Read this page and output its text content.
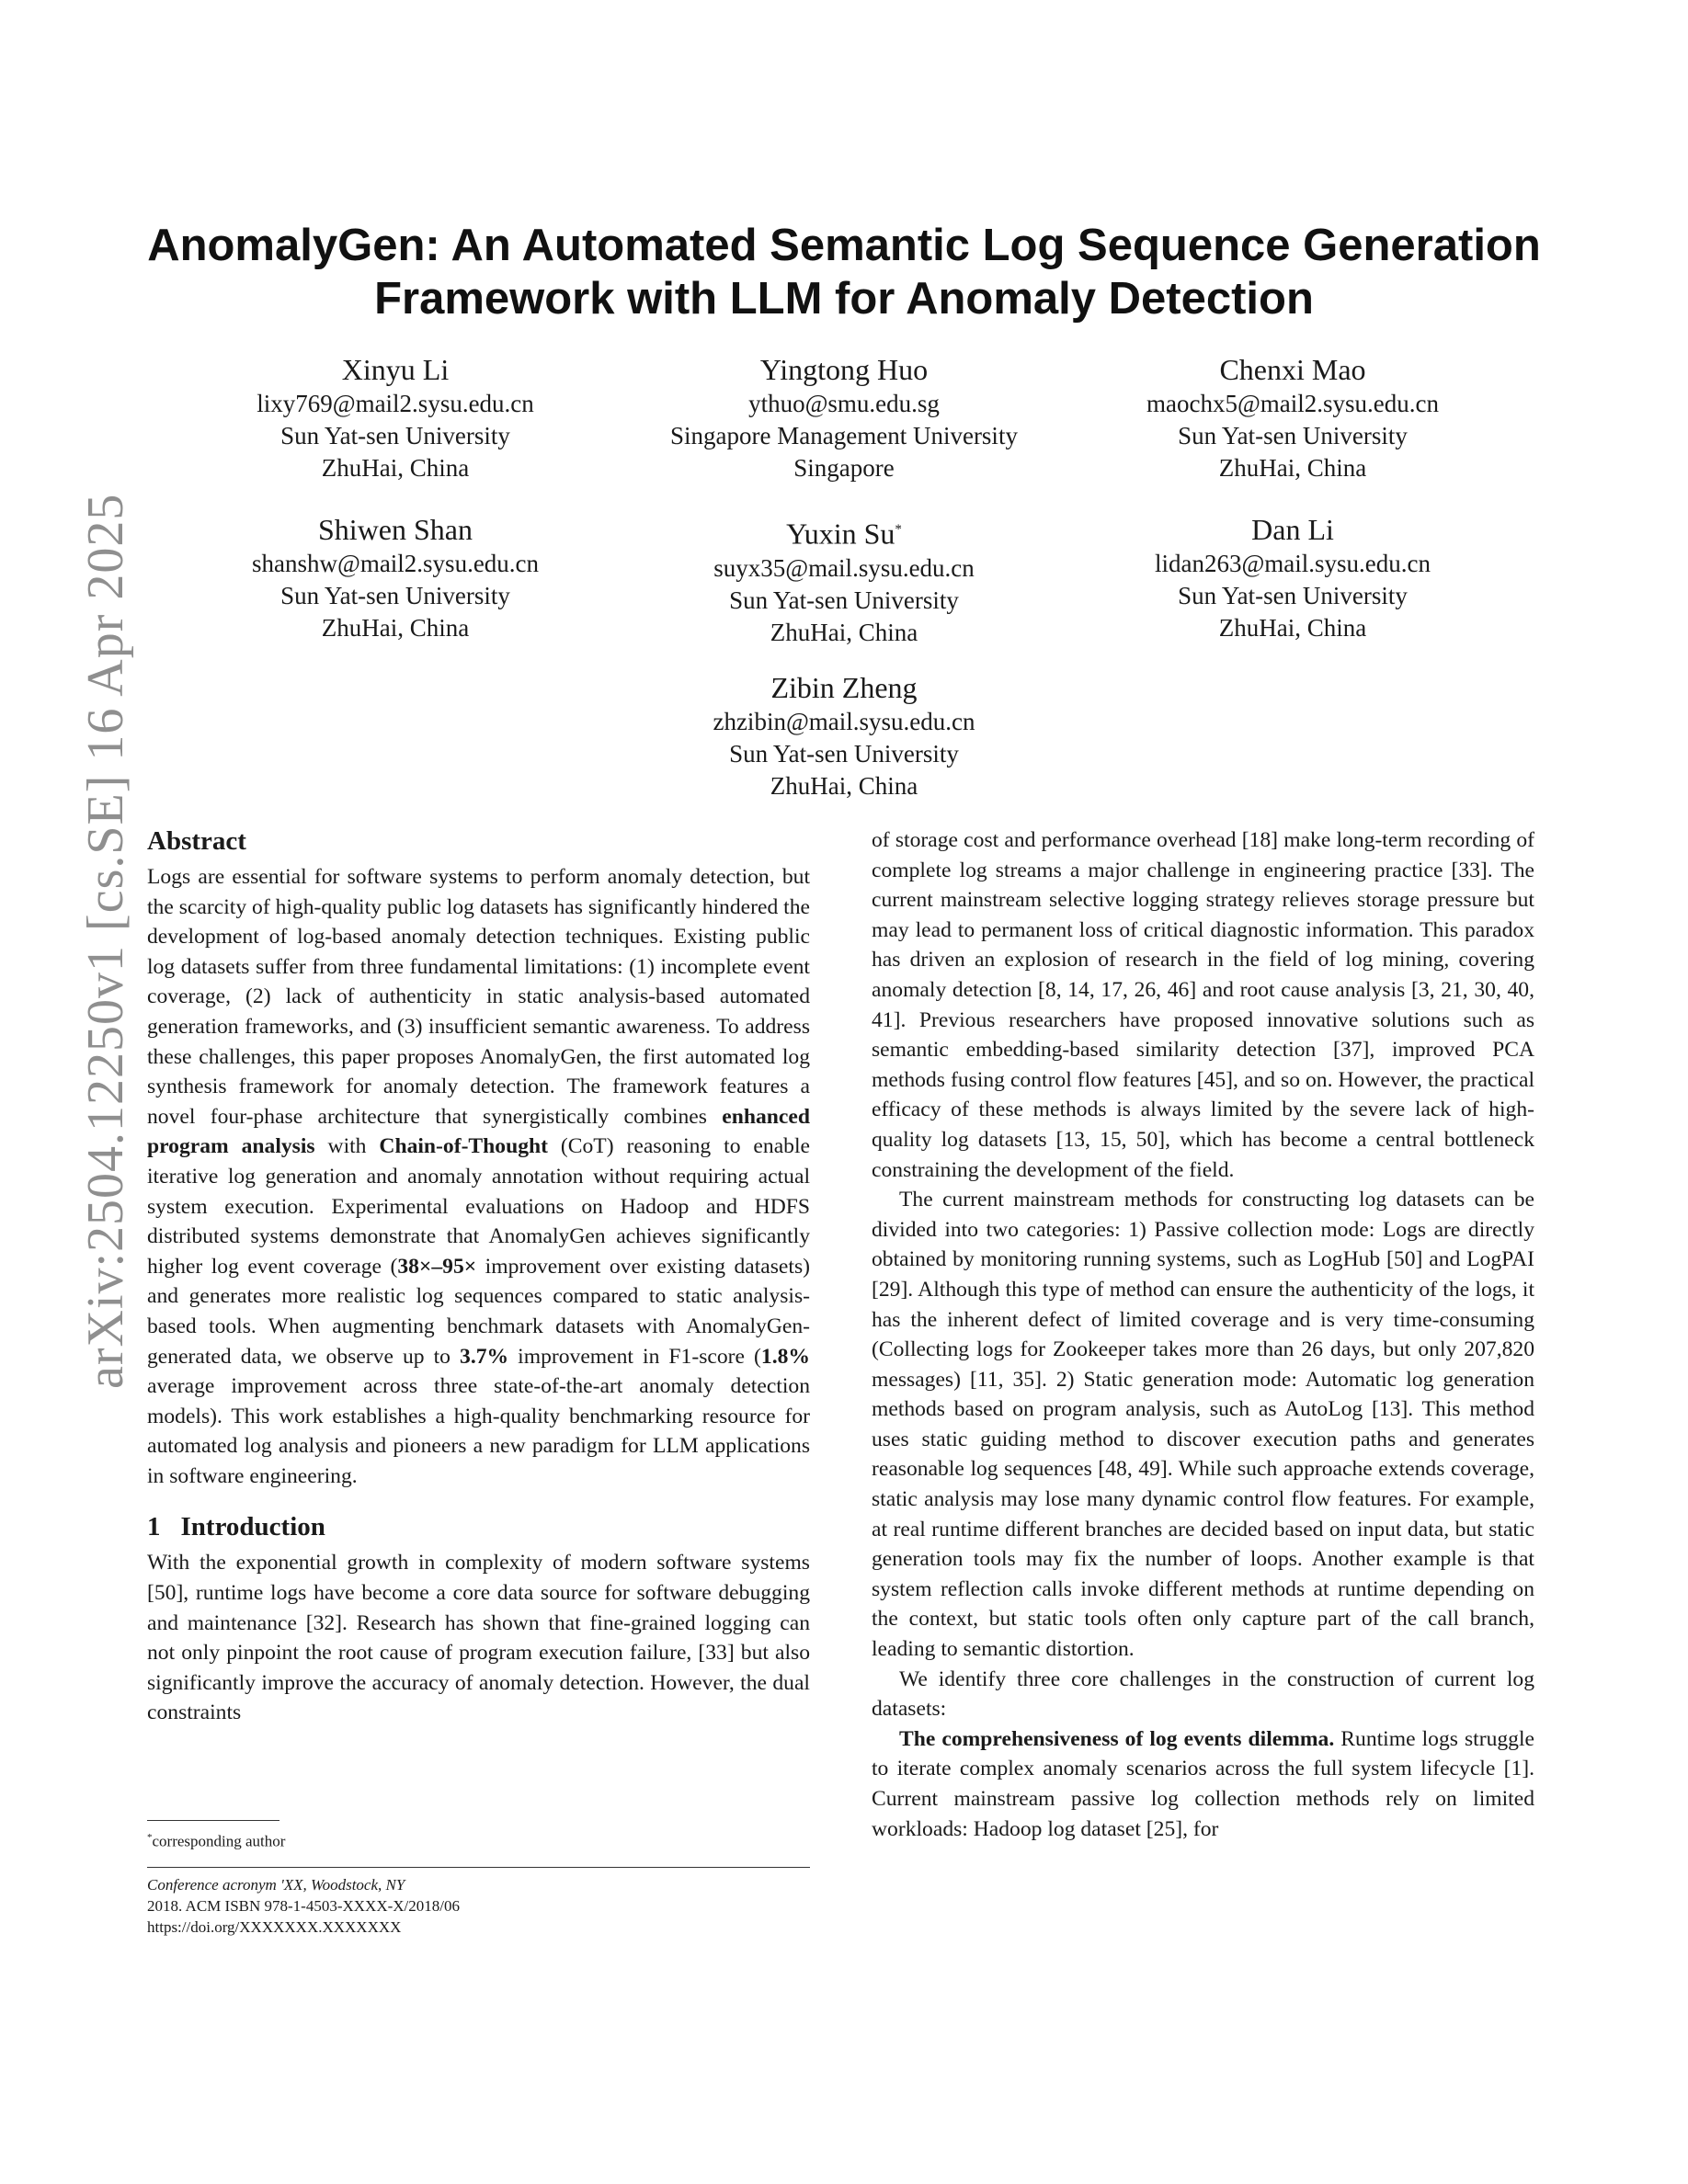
arXiv:2504.12250v1 [cs.SE] 16 Apr 2025
AnomalyGen: An Automated Semantic Log Sequence Generation
Framework with LLM for Anomaly Detection
Xinyu Li
lixy769@mail2.sysu.edu.cn
Sun Yat-sen University
ZhuHai, China
Yingtong Huo
ythuo@smu.edu.sg
Singapore Management University
Singapore
Chenxi Mao
maochx5@mail2.sysu.edu.cn
Sun Yat-sen University
ZhuHai, China
Shiwen Shan
shanshw@mail2.sysu.edu.cn
Sun Yat-sen University
ZhuHai, China
Yuxin Su*
suyx35@mail.sysu.edu.cn
Sun Yat-sen University
ZhuHai, China
Dan Li
lidan263@mail.sysu.edu.cn
Sun Yat-sen University
ZhuHai, China
Zibin Zheng
zhzibin@mail.sysu.edu.cn
Sun Yat-sen University
ZhuHai, China
Abstract

Logs are essential for software systems to perform anomaly detection, but the scarcity of high-quality public log datasets has significantly hindered the development of log-based anomaly detection techniques. Existing public log datasets suffer from three fundamental limitations: (1) incomplete event coverage, (2) lack of authenticity in static analysis-based automated generation frameworks, and (3) insufficient semantic awareness. To address these challenges, this paper proposes AnomalyGen, the first automated log synthesis framework for anomaly detection. The framework features a novel four-phase architecture that synergistically combines enhanced program analysis with Chain-of-Thought (CoT) reasoning to enable iterative log generation and anomaly annotation without requiring actual system execution. Experimental evaluations on Hadoop and HDFS distributed systems demonstrate that AnomalyGen achieves significantly higher log event coverage (38×–95× improvement over existing datasets) and generates more realistic log sequences compared to static analysis-based tools. When augmenting benchmark datasets with AnomalyGen-generated data, we observe up to 3.7% improvement in F1-score (1.8% average improvement across three state-of-the-art anomaly detection models). This work establishes a high-quality benchmarking resource for automated log analysis and pioneers a new paradigm for LLM applications in software engineering.

1 Introduction

With the exponential growth in complexity of modern software systems [50], runtime logs have become a core data source for software debugging and maintenance [32]. Research has shown that fine-grained logging can not only pinpoint the root cause of program execution failure, [33] but also significantly improve the accuracy of anomaly detection. However, the dual constraints

of storage cost and performance overhead [18] make long-term recording of complete log streams a major challenge in engineering practice [33]. The current mainstream selective logging strategy relieves storage pressure but may lead to permanent loss of critical diagnostic information. This paradox has driven an explosion of research in the field of log mining, covering anomaly detection [8, 14, 17, 26, 46] and root cause analysis [3, 21, 30, 40, 41]. Previous researchers have proposed innovative solutions such as semantic embedding-based similarity detection [37], improved PCA methods fusing control flow features [45], and so on. However, the practical efficacy of these methods is always limited by the severe lack of high-quality log datasets [13, 15, 50], which has become a central bottleneck constraining the development of the field.

The current mainstream methods for constructing log datasets can be divided into two categories: 1) Passive collection mode: Logs are directly obtained by monitoring running systems, such as LogHub [50] and LogPAI [29]. Although this type of method can ensure the authenticity of the logs, it has the inherent defect of limited coverage and is very time-consuming (Collecting logs for Zookeeper takes more than 26 days, but only 207,820 messages) [11, 35]. 2) Static generation mode: Automatic log generation methods based on program analysis, such as AutoLog [13]. This method uses static guiding method to discover execution paths and generates reasonable log sequences [48, 49]. While such approache extends coverage, static analysis may lose many dynamic control flow features. For example, at real runtime different branches are decided based on input data, but static generation tools may fix the number of loops. Another example is that system reflection calls invoke different methods at runtime depending on the context, but static tools often only capture part of the call branch, leading to semantic distortion.

We identify three core challenges in the construction of current log datasets:

The comprehensiveness of log events dilemma. Runtime logs struggle to iterate complex anomaly scenarios across the full system lifecycle [1]. Current mainstream passive log collection methods rely on limited workloads: Hadoop log dataset [25], for

*corresponding author
Conference acronym 'XX, Woodstock, NY
2018. ACM ISBN 978-1-4503-XXXX-X/2018/06
https://doi.org/XXXXXXX.XXXXXXX
